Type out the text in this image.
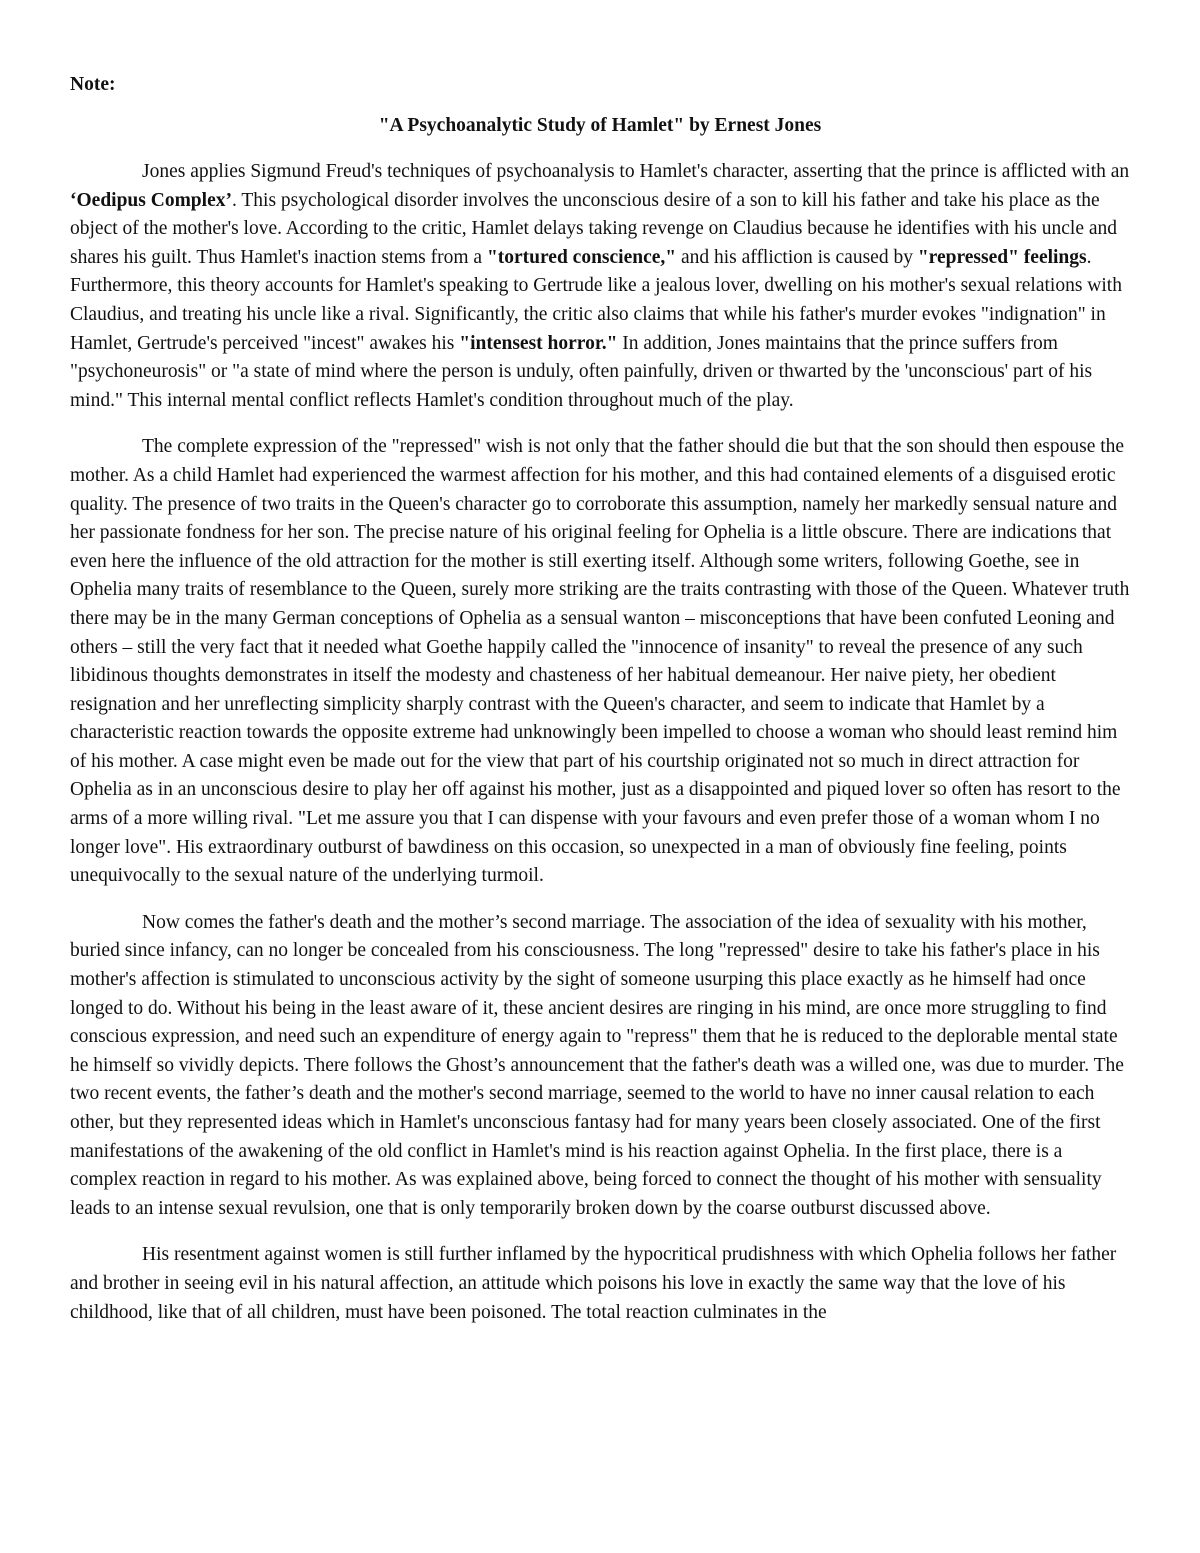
Note:

"A Psychoanalytic Study of Hamlet" by Ernest Jones

Jones applies Sigmund Freud's techniques of psychoanalysis to Hamlet's character, asserting that the prince is afflicted with an ‘Oedipus Complex’. This psychological disorder involves the unconscious desire of a son to kill his father and take his place as the object of the mother's love. According to the critic, Hamlet delays taking revenge on Claudius because he identifies with his uncle and shares his guilt. Thus Hamlet's inaction stems from a "tortured conscience," and his affliction is caused by "repressed" feelings. Furthermore, this theory accounts for Hamlet's speaking to Gertrude like a jealous lover, dwelling on his mother's sexual relations with Claudius, and treating his uncle like a rival. Significantly, the critic also claims that while his father's murder evokes "indignation" in Hamlet, Gertrude's perceived "incest" awakes his "intensest horror." In addition, Jones maintains that the prince suffers from "psychoneurosis" or "a state of mind where the person is unduly, often painfully, driven or thwarted by the 'unconscious' part of his mind." This internal mental conflict reflects Hamlet's condition throughout much of the play.

The complete expression of the "repressed" wish is not only that the father should die but that the son should then espouse the mother. As a child Hamlet had experienced the warmest affection for his mother, and this had contained elements of a disguised erotic quality. The presence of two traits in the Queen's character go to corroborate this assumption, namely her markedly sensual nature and her passionate fondness for her son. The precise nature of his original feeling for Ophelia is a little obscure. There are indications that even here the influence of the old attraction for the mother is still exerting itself. Although some writers, following Goethe, see in Ophelia many traits of resemblance to the Queen, surely more striking are the traits contrasting with those of the Queen. Whatever truth there may be in the many German conceptions of Ophelia as a sensual wanton – misconceptions that have been confuted Leoning and others – still the very fact that it needed what Goethe happily called the "innocence of insanity" to reveal the presence of any such libidinous thoughts demonstrates in itself the modesty and chasteness of her habitual demeanour. Her naive piety, her obedient resignation and her unreflecting simplicity sharply contrast with the Queen's character, and seem to indicate that Hamlet by a characteristic reaction towards the opposite extreme had unknowingly been impelled to choose a woman who should least remind him of his mother. A case might even be made out for the view that part of his courtship originated not so much in direct attraction for Ophelia as in an unconscious desire to play her off against his mother, just as a disappointed and piqued lover so often has resort to the arms of a more willing rival. "Let me assure you that I can dispense with your favours and even prefer those of a woman whom I no longer love". His extraordinary outburst of bawdiness on this occasion, so unexpected in a man of obviously fine feeling, points unequivocally to the sexual nature of the underlying turmoil.

Now comes the father's death and the mother’s second marriage. The association of the idea of sexuality with his mother, buried since infancy, can no longer be concealed from his consciousness. The long "repressed" desire to take his father's place in his mother's affection is stimulated to unconscious activity by the sight of someone usurping this place exactly as he himself had once longed to do. Without his being in the least aware of it, these ancient desires are ringing in his mind, are once more struggling to find conscious expression, and need such an expenditure of energy again to "repress" them that he is reduced to the deplorable mental state he himself so vividly depicts. There follows the Ghost’s announcement that the father's death was a willed one, was due to murder. The two recent events, the father’s death and the mother's second marriage, seemed to the world to have no inner causal relation to each other, but they represented ideas which in Hamlet's unconscious fantasy had for many years been closely associated. One of the first manifestations of the awakening of the old conflict in Hamlet's mind is his reaction against Ophelia. In the first place, there is a complex reaction in regard to his mother. As was explained above, being forced to connect the thought of his mother with sensuality leads to an intense sexual revulsion, one that is only temporarily broken down by the coarse outburst discussed above.

His resentment against women is still further inflamed by the hypocritical prudishness with which Ophelia follows her father and brother in seeing evil in his natural affection, an attitude which poisons his love in exactly the same way that the love of his childhood, like that of all children, must have been poisoned. The total reaction culminates in the
